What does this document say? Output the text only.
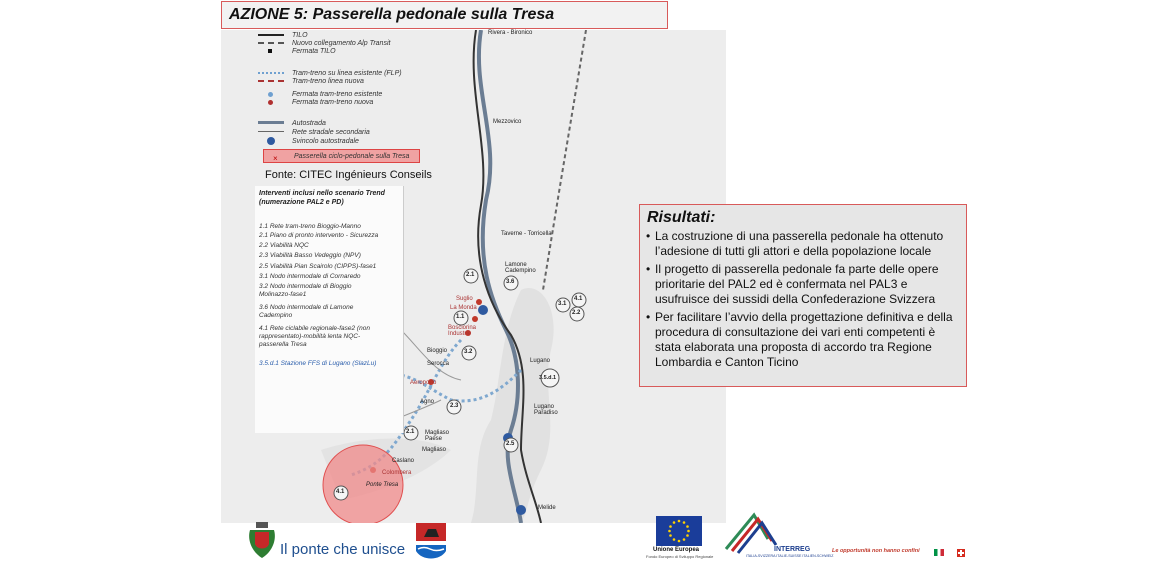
AZIONE 5: Passerella pedonale sulla Tresa
Rivera - Bironico
Mezzovico
Taverne - Torricella
Lamone Cadempino
Suglio
La Monda
Bosciorina Industrie
Bioggio
Serocca
Aeroporto
Agno
Magliaso Paese
Magliaso
Caslano
Colombera
Ponte Tresa
Lugano
Lugano Paradiso
Melide
2.1
3.6
1.1
3.2
3.1
4.1
2.2
3.5.d.1
2.3
2.1
2.5
4.1
TILO
Nuovo collegamento Alp Transit
Fermata TILO
Tram-treno su linea esistente (FLP)
Tram-treno linea nuova
Fermata tram-treno esistente
Fermata tram-treno nuova
Autostrada
Rete stradale secondaria
Svincolo autostradale
× Passerella ciclo-pedonale sulla Tresa
Fonte: CITEC Ingénieurs Conseils
Interventi inclusi nello scenario Trend (numerazione PAL2 e PD)
1.1 Rete tram-treno Bioggio-Manno
2.1 Piano di pronto intervento - Sicurezza
2.2 Viabilità NQC
2.3 Viabilità Basso Vedeggio (NPV)
2.5 Viabilità Pian Scairolo (CIPPS)-fase1
3.1 Nodo intermodale di Cornaredo
3.2 Nodo intermodale di Bioggio Molinazzo-fase1
3.6 Nodo intermodale di Lamone Cadempino
4.1 Rete ciclabile regionale-fase2 (non rappresentato)-mobilità lenta NQC-passerella Tresa
3.5.d.1 Stazione FFS di Lugano (SlazLu)
Risultati:
• La costruzione di una passerella pedonale ha ottenuto l’adesione di tutti gli attori e della popolazione locale
• Il progetto di passerella pedonale fa parte delle opere prioritarie del PAL2 ed è confermata nel PAL3 e usufruisce dei sussidi della Confederazione Svizzera
• Per facilitare l’avvio della progettazione definitiva e della procedura di consultazione dei vari enti competenti è stata elaborata una proposta di accordo tra Regione Lombardia e Canton Ticino
Il ponte che unisce	Unione Europea
Fondo Europeo di Sviluppo Regionale
INTERREG
ITALIA-SVIZZERA ITALIE-SUISSE ITALIEN-SCHWEIZ
Le opportunità non hanno confini
